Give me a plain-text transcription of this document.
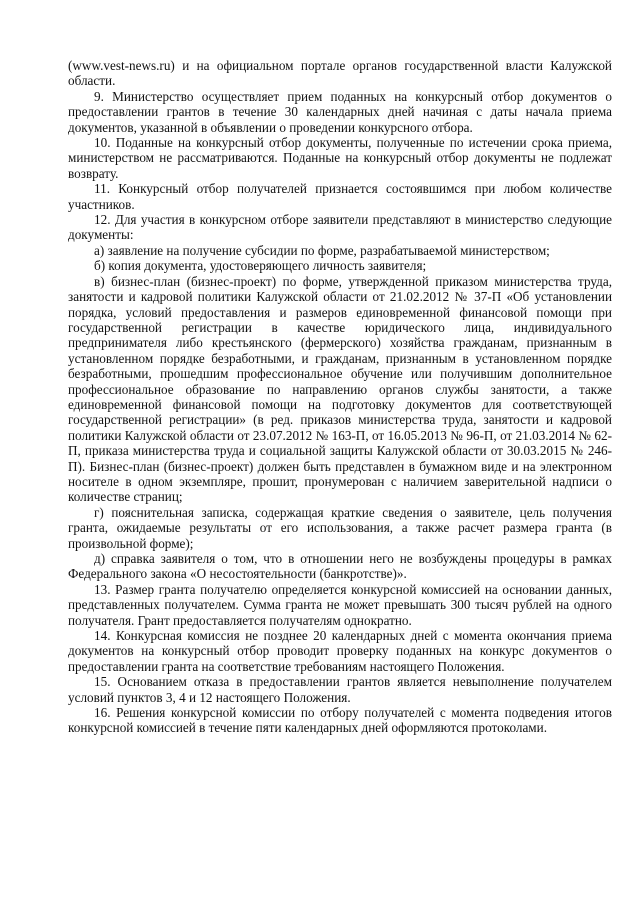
(www.vest-news.ru) и на официальном портале органов государственной власти Калужской области.

9. Министерство осуществляет прием поданных на конкурсный отбор документов о предоставлении грантов в течение 30 календарных дней начиная с даты начала приема документов, указанной в объявлении о проведении конкурсного отбора.

10. Поданные на конкурсный отбор документы, полученные по истечении срока приема, министерством не рассматриваются. Поданные на конкурсный отбор документы не подлежат возврату.

11. Конкурсный отбор получателей признается состоявшимся при любом количестве участников.

12. Для участия в конкурсном отборе заявители представляют в министерство следующие документы:

а) заявление на получение субсидии по форме, разрабатываемой министерством;

б) копия документа, удостоверяющего личность заявителя;

в) бизнес-план (бизнес-проект) по форме, утвержденной приказом министерства труда, занятости и кадровой политики Калужской области от 21.02.2012 № 37-П «Об установлении порядка, условий предоставления и размеров единовременной финансовой помощи при государственной регистрации в качестве юридического лица, индивидуального предпринимателя либо крестьянского (фермерского) хозяйства гражданам, признанным в установленном порядке безработными, и гражданам, признанным в установленном порядке безработными, прошедшим профессиональное обучение или получившим дополнительное профессиональное образование по направлению органов службы занятости, а также единовременной финансовой помощи на подготовку документов для соответствующей государственной регистрации» (в ред. приказов министерства труда, занятости и кадровой политики Калужской области от 23.07.2012 № 163-П, от 16.05.2013 № 96-П, от 21.03.2014 № 62-П, приказа министерства труда и социальной защиты Калужской области от 30.03.2015 № 246-П). Бизнес-план (бизнес-проект) должен быть представлен в бумажном виде и на электронном носителе в одном экземпляре, прошит, пронумерован с наличием заверительной надписи о количестве страниц;

г) пояснительная записка, содержащая краткие сведения о заявителе, цель получения гранта, ожидаемые результаты от его использования, а также расчет размера гранта (в произвольной форме);

д) справка заявителя о том, что в отношении него не возбуждены процедуры в рамках Федерального закона «О несостоятельности (банкротстве)».

13. Размер гранта получателю определяется конкурсной комиссией на основании данных, представленных получателем. Сумма гранта не может превышать 300 тысяч рублей на одного получателя. Грант предоставляется получателям однократно.

14. Конкурсная комиссия не позднее 20 календарных дней с момента окончания приема документов на конкурсный отбор проводит проверку поданных на конкурс документов о предоставлении гранта на соответствие требованиям настоящего Положения.

15. Основанием отказа в предоставлении грантов является невыполнение получателем условий пунктов 3, 4 и 12 настоящего Положения.

16. Решения конкурсной комиссии по отбору получателей с момента подведения итогов конкурсной комиссией в течение пяти календарных дней оформляются протоколами.
